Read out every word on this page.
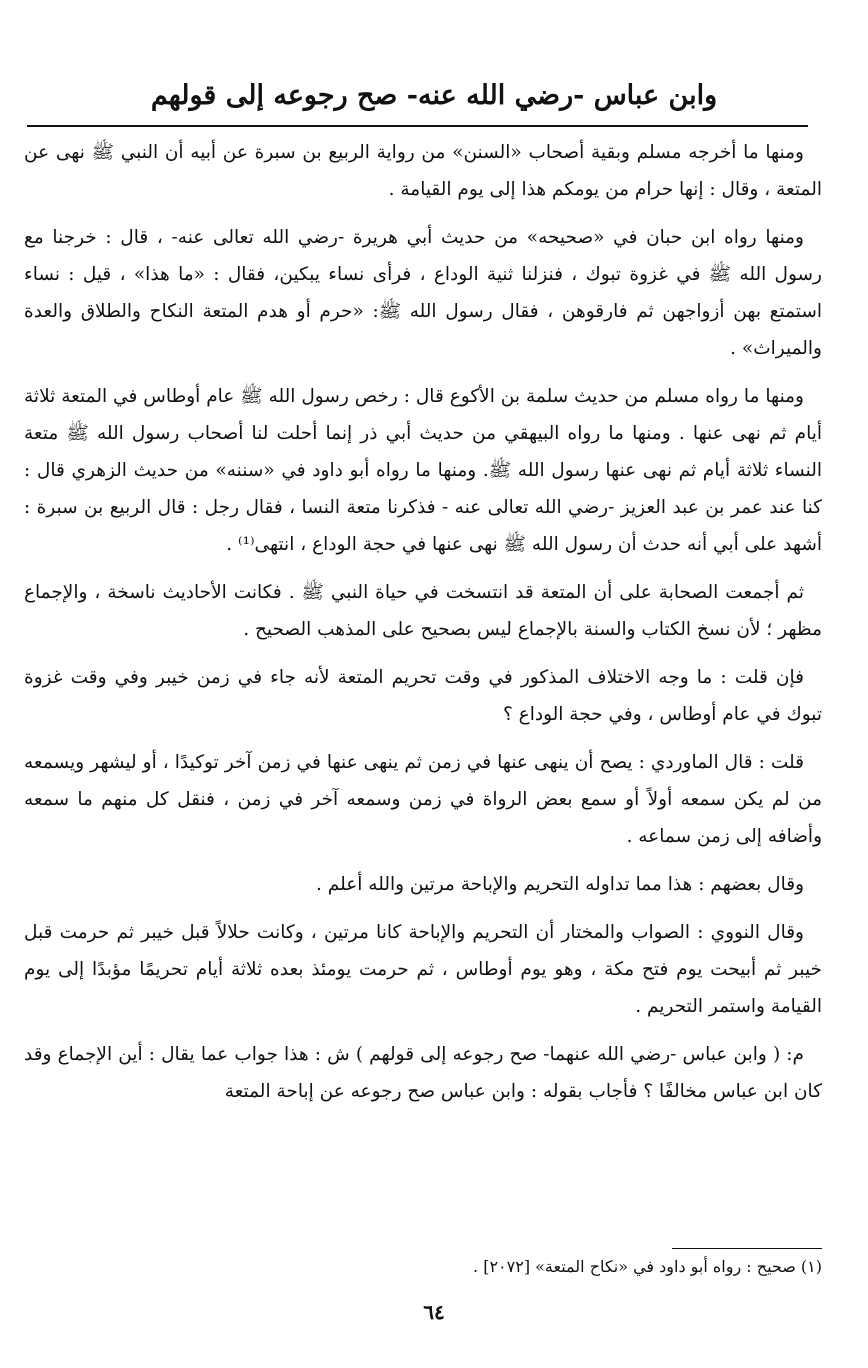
وابن عباس -رضي الله عنه- صح رجوعه إلى قولهم

ومنها ما أخرجه مسلم وبقية أصحاب «السنن» من رواية الربيع بن سبرة عن أبيه أن النبي ﷺ نهى عن المتعة ، وقال : إنها حرام من يومكم هذا إلى يوم القيامة .

ومنها رواه ابن حبان في «صحيحه» من حديث أبي هريرة -رضي الله تعالى عنه- ، قال : خرجنا مع رسول الله ﷺ في غزوة تبوك ، فنزلنا ثنية الوداع ، فرأى نساء يبكين، فقال : «ما هذا» ، قيل : نساء استمتع بهن أزواجهن ثم فارقوهن ، فقال رسول الله ﷺ: «حرم أو هدم المتعة النكاح والطلاق والعدة والميراث» .

ومنها ما رواه مسلم من حديث سلمة بن الأكوع قال : رخص رسول الله ﷺ عام أوطاس في المتعة ثلاثة أيام ثم نهى عنها . ومنها ما رواه البيهقي من حديث أبي ذر إنما أحلت لنا أصحاب رسول الله ﷺ متعة النساء ثلاثة أيام ثم نهى عنها رسول الله ﷺ. ومنها ما رواه أبو داود في «سننه» من حديث الزهري قال : كنا عند عمر بن عبد العزيز -رضي الله تعالى عنه - فذكرنا متعة النسا ، فقال رجل : قال الربيع بن سبرة : أشهد على أبي أنه حدث أن رسول الله ﷺ نهى عنها في حجة الوداع ، انتهى⁽¹⁾ .

ثم أجمعت الصحابة على أن المتعة قد انتسخت في حياة النبي ﷺ . فكانت الأحاديث ناسخة ، والإجماع مظهر ؛ لأن نسخ الكتاب والسنة بالإجماع ليس بصحيح على المذهب الصحيح .

فإن قلت : ما وجه الاختلاف المذكور في وقت تحريم المتعة لأنه جاء في زمن خيبر وفي وقت غزوة تبوك في عام أوطاس ، وفي حجة الوداع ؟

قلت : قال الماوردي : يصح أن ينهى عنها في زمن ثم ينهى عنها في زمن آخر توكيدًا ، أو ليشهر ويسمعه من لم يكن سمعه أولاً أو سمع بعض الرواة في زمن وسمعه آخر في زمن ، فنقل كل منهم ما سمعه وأضافه إلى زمن سماعه .

وقال بعضهم : هذا مما تداوله التحريم والإباحة مرتين والله أعلم .

وقال النووي : الصواب والمختار أن التحريم والإباحة كانا مرتين ، وكانت حلالاً قبل خيبر ثم حرمت قبل خيبر ثم أبيحت يوم فتح مكة ، وهو يوم أوطاس ، ثم حرمت يومئذ بعده ثلاثة أيام تحريمًا مؤبدًا إلى يوم القيامة واستمر التحريم .

م: ( وابن عباس -رضي الله عنهما- صح رجوعه إلى قولهم ) ش : هذا جواب عما يقال : أين الإجماع وقد كان ابن عباس مخالفًا ؟ فأجاب بقوله : وابن عباس صح رجوعه عن إباحة المتعة

(١) صحيح : رواه أبو داود في «نكاح المتعة» [٢٠٧٢] .
٦٤
